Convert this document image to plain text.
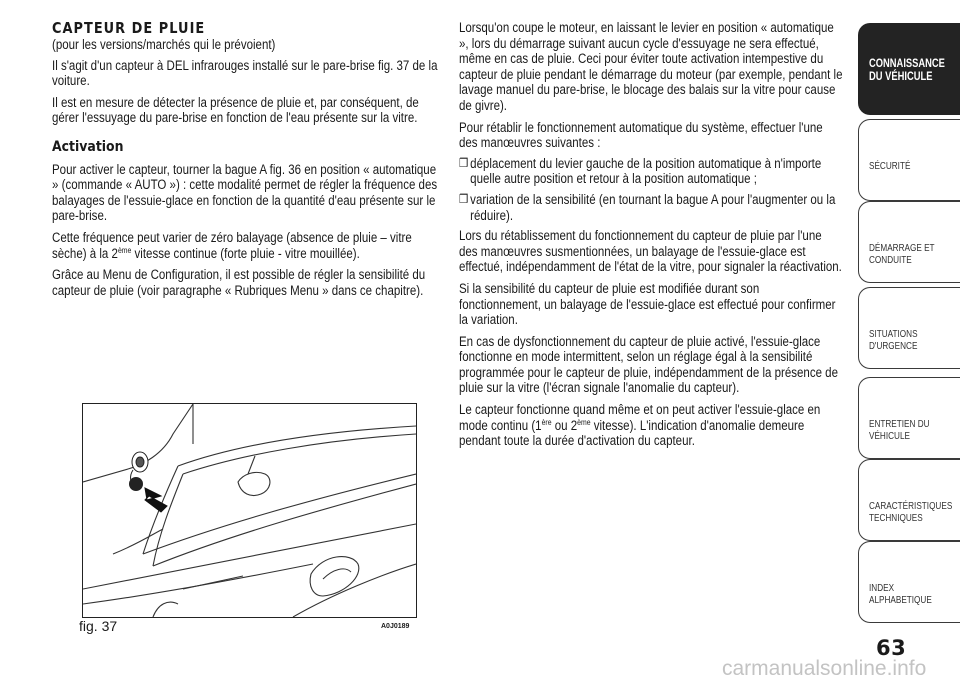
CAPTEUR DE PLUIE

(pour les versions/marchés qui le prévoient)

Il s'agit d'un capteur à DEL infrarouges installé sur le pare-brise fig. 37 de la voiture.

Il est en mesure de détecter la présence de pluie et, par conséquent, de gérer l'essuyage du pare-brise en fonction de l'eau présente sur la vitre.

Activation

Pour activer le capteur, tourner la bague A fig. 36 en position « automatique » (commande « AUTO ») : cette modalité permet de régler la fréquence des balayages de l'essuie-glace en fonction de la quantité d'eau présente sur le pare-brise.

Cette fréquence peut varier de zéro balayage (absence de pluie – vitre sèche) à la 2ème vitesse continue (forte pluie - vitre mouillée).

Grâce au Menu de Configuration, il est possible de régler la sensibilité du capteur de pluie (voir paragraphe « Rubriques Menu » dans ce chapitre).

Lorsqu'on coupe le moteur, en laissant le levier en position « automatique », lors du démarrage suivant aucun cycle d'essuyage ne sera effectué, même en cas de pluie. Ceci pour éviter toute activation intempestive du capteur de pluie pendant le démarrage du moteur (par exemple, pendant le lavage manuel du pare-brise, le blocage des balais sur la vitre pour cause de givre).

Pour rétablir le fonctionnement automatique du système, effectuer l'une des manœuvres suivantes :

❒ déplacement du levier gauche de la position automatique à n'importe quelle autre position et retour à la position automatique ;
❒ variation de la sensibilité (en tournant la bague A pour l'augmenter ou la réduire).

Lors du rétablissement du fonctionnement du capteur de pluie par l'une des manœuvres susmentionnées, un balayage de l'essuie-glace est effectué, indépendamment de l'état de la vitre, pour signaler la réactivation.

Si la sensibilité du capteur de pluie est modifiée durant son fonctionnement, un balayage de l'essuie-glace est effectué pour confirmer la variation.

En cas de dysfonctionnement du capteur de pluie activé, l'essuie-glace fonctionne en mode intermittent, selon un réglage égal à la sensibilité programmée pour le capteur de pluie, indépendamment de la présence de pluie sur la vitre (l'écran signale l'anomalie du capteur).

Le capteur fonctionne quand même et on peut activer l'essuie-glace en mode continu (1ère ou 2ème vitesse). L'indication d'anomalie demeure pendant toute la durée d'activation du capteur.

fig. 37	A0J0189
INDEX ALPHABETIQUE
CARACTÉRISTIQUES TECHNIQUES
ENTRETIEN DU VÉHICULE
SITUATIONS D'URGENCE
DÉMARRAGE ET CONDUITE
SÉCURITÉ
CONNAISSANCE DU VÉHICULE
63
carmanualsonline.info
